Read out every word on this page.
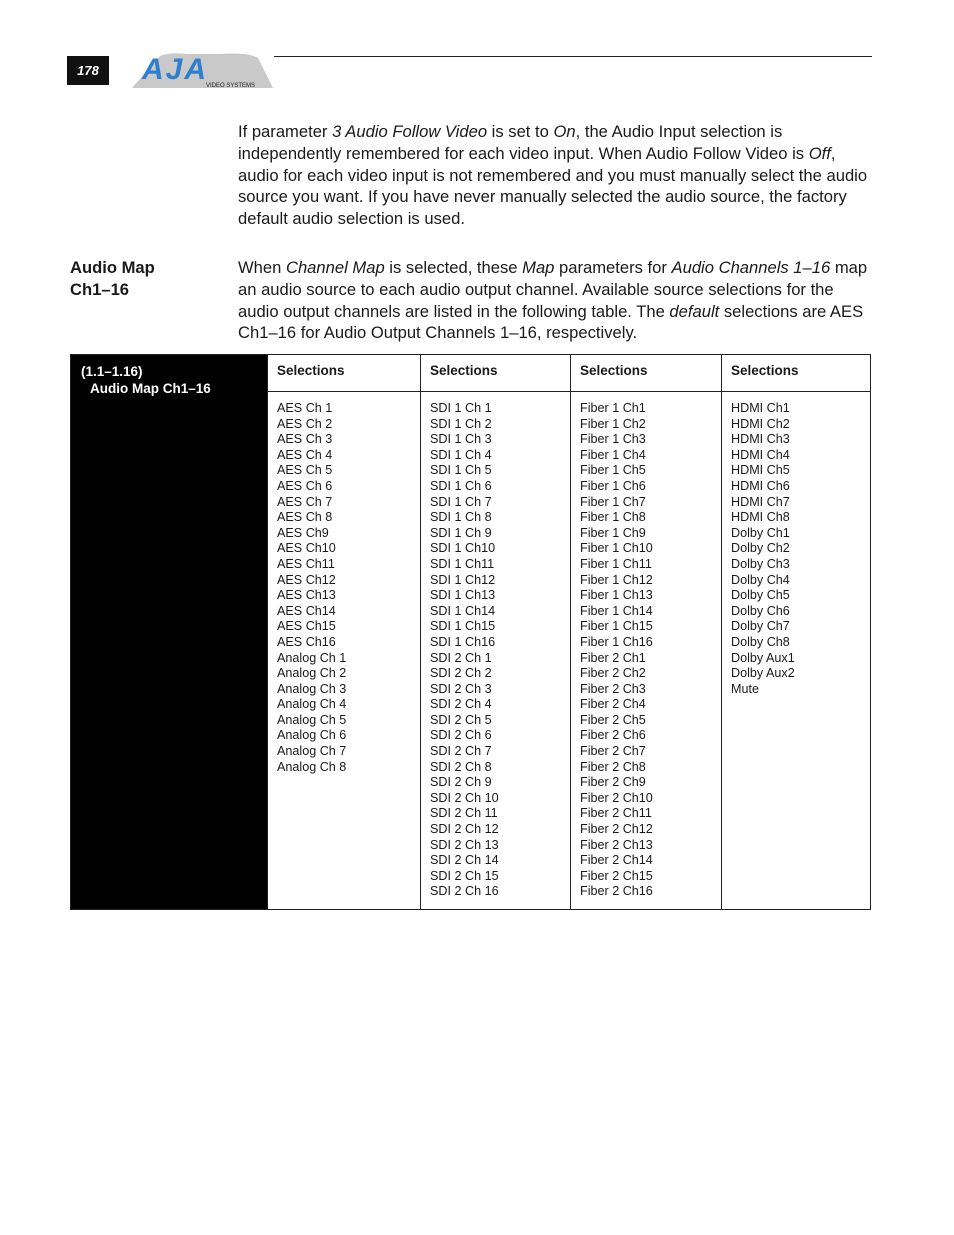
178	AJA
VIDEO SYSTEMS

If parameter 3 Audio Follow Video is set to On, the Audio Input selection is independently remembered for each video input. When Audio Follow Video is Off, audio for each video input is not remembered and you must manually select the audio source you want. If you have never manually selected the audio source, the factory default audio selection is used.

Audio Map
Ch1–16

When Channel Map is selected, these Map parameters for Audio Channels 1–16 map an audio source to each audio output channel. Available source selections for the audio output channels are listed in the following table. The default selections are AES Ch1–16 for Audio Output Channels 1–16, respectively.

(1.1–1.16)
Audio Map Ch1–16
Selections
AES Ch 1
AES Ch 2
AES Ch 3
AES Ch 4
AES Ch 5
AES Ch 6
AES Ch 7
AES Ch 8
AES Ch9
AES Ch10
AES Ch11
AES Ch12
AES Ch13
AES Ch14
AES Ch15
AES Ch16
Analog Ch 1
Analog Ch 2
Analog Ch 3
Analog Ch 4
Analog Ch 5
Analog Ch 6
Analog Ch 7
Analog Ch 8
Selections
SDI 1 Ch 1
SDI 1 Ch 2
SDI 1 Ch 3
SDI 1 Ch 4
SDI 1 Ch 5
SDI 1 Ch 6
SDI 1 Ch 7
SDI 1 Ch 8
SDI 1 Ch 9
SDI 1 Ch10
SDI 1 Ch11
SDI 1 Ch12
SDI 1 Ch13
SDI 1 Ch14
SDI 1 Ch15
SDI 1 Ch16
SDI 2 Ch 1
SDI 2 Ch 2
SDI 2 Ch 3
SDI 2 Ch 4
SDI 2 Ch 5
SDI 2 Ch 6
SDI 2 Ch 7
SDI 2 Ch 8
SDI 2 Ch 9
SDI 2 Ch 10
SDI 2 Ch 11
SDI 2 Ch 12
SDI 2 Ch 13
SDI 2 Ch 14
SDI 2 Ch 15
SDI 2 Ch 16
Selections
Fiber 1 Ch1
Fiber 1 Ch2
Fiber 1 Ch3
Fiber 1 Ch4
Fiber 1 Ch5
Fiber 1 Ch6
Fiber 1 Ch7
Fiber 1 Ch8
Fiber 1 Ch9
Fiber 1 Ch10
Fiber 1 Ch11
Fiber 1 Ch12
Fiber 1 Ch13
Fiber 1 Ch14
Fiber 1 Ch15
Fiber 1 Ch16
Fiber 2 Ch1
Fiber 2 Ch2
Fiber 2 Ch3
Fiber 2 Ch4
Fiber 2 Ch5
Fiber 2 Ch6
Fiber 2 Ch7
Fiber 2 Ch8
Fiber 2 Ch9
Fiber 2 Ch10
Fiber 2 Ch11
Fiber 2 Ch12
Fiber 2 Ch13
Fiber 2 Ch14
Fiber 2 Ch15
Fiber 2 Ch16
Selections
HDMI Ch1
HDMI Ch2
HDMI Ch3
HDMI Ch4
HDMI Ch5
HDMI Ch6
HDMI Ch7
HDMI Ch8
Dolby Ch1
Dolby Ch2
Dolby Ch3
Dolby Ch4
Dolby Ch5
Dolby Ch6
Dolby Ch7
Dolby Ch8
Dolby Aux1
Dolby Aux2
Mute
